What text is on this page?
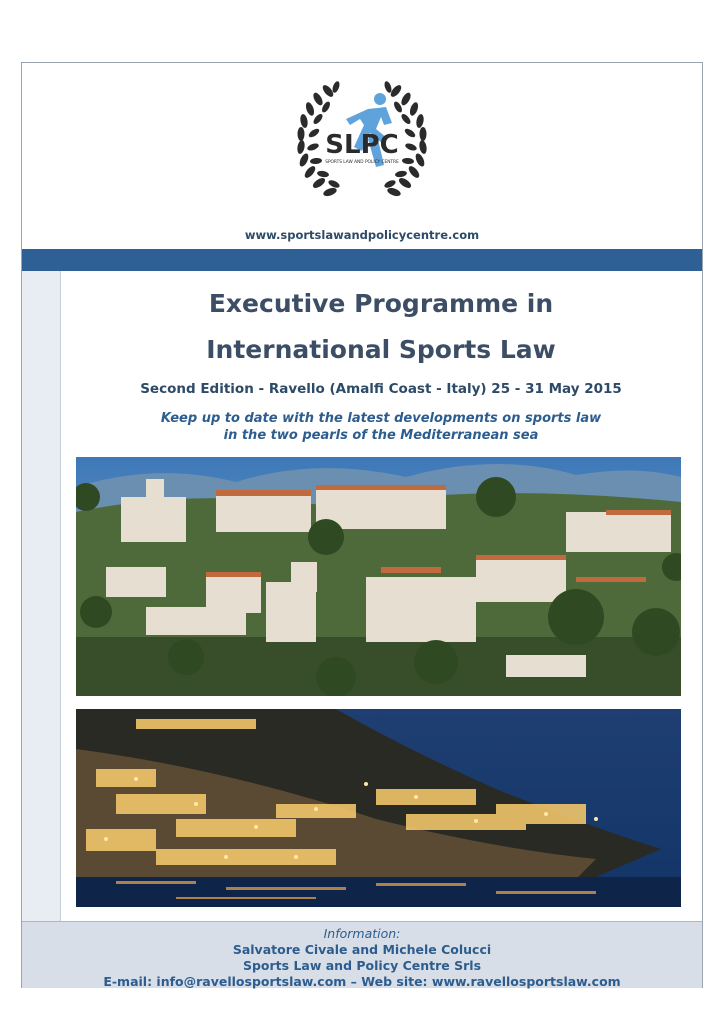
SLPC
SPORTS LAW AND POLICY CENTRE
www.sportslawandpolicycentre.com
Executive Programme in
International Sports Law
Second Edition - Ravello (Amalfi Coast - Italy) 25 - 31 May 2015
Keep up to date with the latest developments on sports law
in the two pearls of the Mediterranean sea
Information:
Salvatore Civale and Michele Colucci
Sports Law and Policy Centre Srls
E-mail: info@ravellosportslaw.com – Web site: www.ravellosportslaw.com
